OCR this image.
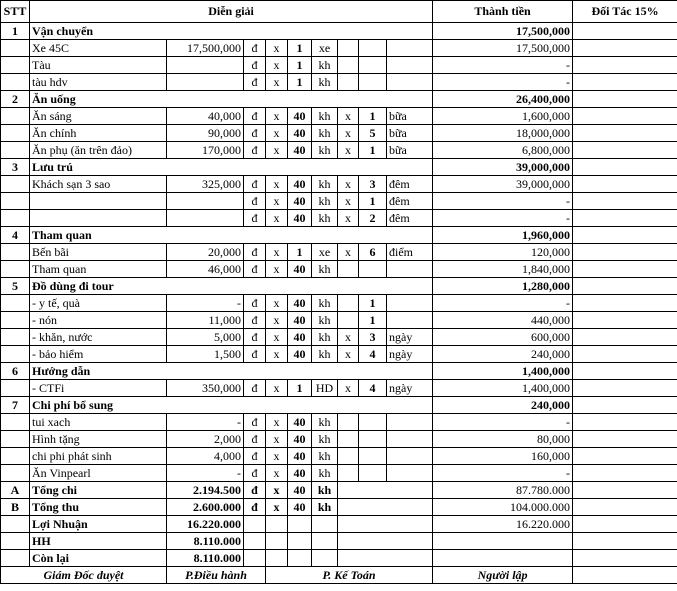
STT	Diễn giải									Thành tiền	Đối Tác 15%
1	Vận chuyển									17,500,000	
	Xe 45C	17,500,000	đ	x	1	xe				17,500,000	
	Tàu		đ	x	1	kh				-	
	tàu hdv		đ	x	1	kh				-	
2	Ăn uống									26,400,000	
	Ăn sáng	40,000	đ	x	40	kh	x	1	bữa	1,600,000	
	Ăn chính	90,000	đ	x	40	kh	x	5	bữa	18,000,000	
	Ăn phụ (ăn trên đảo)	170,000	đ	x	40	kh	x	1	bữa	6,800,000	
3	Lưu trú									39,000,000	
	Khách sạn 3 sao	325,000	đ	x	40	kh	x	3	đêm	39,000,000	
			đ	x	40	kh	x	1	đêm	-	
			đ	x	40	kh	x	2	đêm	-	
4	Tham quan									1,960,000	
	Bến bãi	20,000	đ	x	1	xe	x	6	điểm	120,000	
	Tham quan	46,000	đ	x	40	kh				1,840,000	
5	Đồ dùng đi tour									1,280,000	
	- y tế, quà	-	đ	x	40	kh		1		-	
	- nón	11,000	đ	x	40	kh		1		440,000	
	- khăn, nước	5,000	đ	x	40	kh	x	3	ngày	600,000	
	- bảo hiểm	1,500	đ	x	40	kh	x	4	ngày	240,000	
6	Hướng dẫn									1,400,000	
	- CTFi	350,000	đ	x	1	HD	x	4	ngày	1,400,000	
7	Chi phí bổ sung									240,000	
	tui xach	-	đ	x	40	kh				-	
	Hình tặng	2,000	đ	x	40	kh				80,000	
	chi phi phát sinh	4,000	đ	x	40	kh				160,000	
	Ăn Vinpearl	-	đ	x	40	kh				-	
A	Tổng chi	2.194.500	đ	x	40	kh				87.780.000	
B	Tổng thu	2.600.000	đ	x	40	kh				104.000.000	
	Lợi Nhuận	16.220.000								16.220.000	
	HH	8.110.000									
	Còn lại	8.110.000									
Giám Đốc duyệt		P.Điều hành		P. Kế Toán						Người lập	
